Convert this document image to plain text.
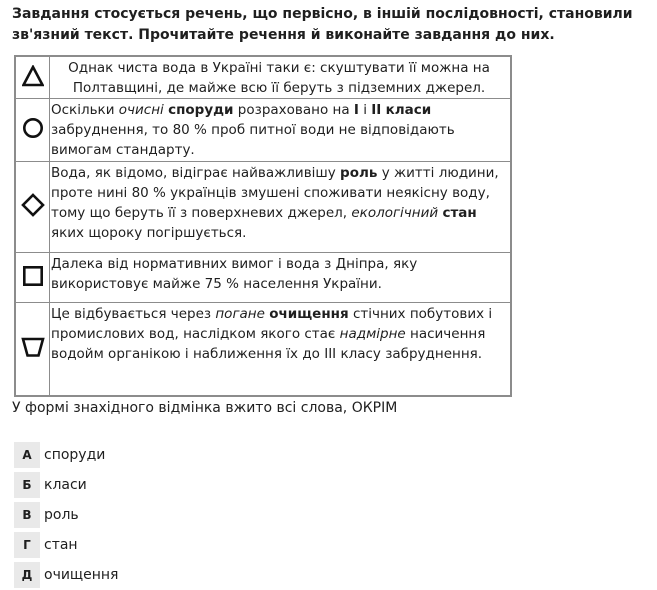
Завдання стосується речень, що первісно, в іншій послідовності, становили зв'язний текст. Прочитайте речення й виконайте завдання до них.
	Однак чиста вода в Україні таки є: скуштувати її можна на Полтавщині, де майже всю її беруть з підземних джерел.
	Оскільки очисні споруди розраховано на І і ІІ класи забруднення, то 80 % проб питної води не відповідають вимогам стандарту.
	Вода, як відомо, відіграє найважливішу роль у житті людини, проте нині 80 % українців змушені споживати неякісну воду, тому що беруть її з поверхневих джерел, екологічний стан яких щороку погіршується.
	Далека від нормативних вимог і вода з Дніпра, яку використовує майже 75 % населення України.
	Це відбувається через погане очищення стічних побутових і промислових вод, наслідком якого стає надмірне насичення водойм органікою і наближення їх до ІІІ класу забруднення.
У формі знахідного відмінка вжито всі слова, ОКРІМ
А споруди
Б класи
В роль
Г стан
Д очищення
